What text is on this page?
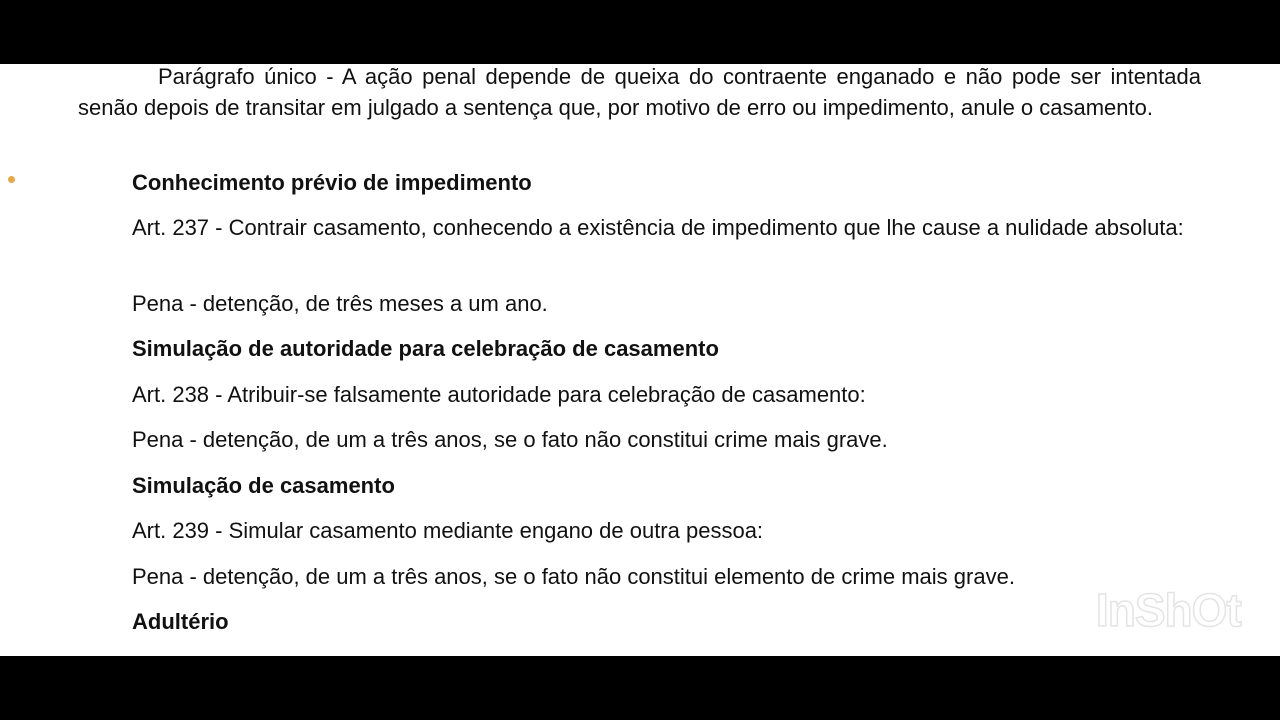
Parágrafo único - A ação penal depende de queixa do contraente enganado e não pode ser intentada senão depois de transitar em julgado a sentença que, por motivo de erro ou impedimento, anule o casamento.

Conhecimento prévio de impedimento

Art. 237 - Contrair casamento, conhecendo a existência de impedimento que lhe cause a nulidade absoluta:

Pena - detenção, de três meses a um ano.
Simulação de autoridade para celebração de casamento
Art. 238 - Atribuir-se falsamente autoridade para celebração de casamento:
Pena - detenção, de um a três anos, se o fato não constitui crime mais grave.
Simulação de casamento
Art. 239 - Simular casamento mediante engano de outra pessoa:
Pena - detenção, de um a três anos, se o fato não constitui elemento de crime mais grave.
Adultério	InShOt
